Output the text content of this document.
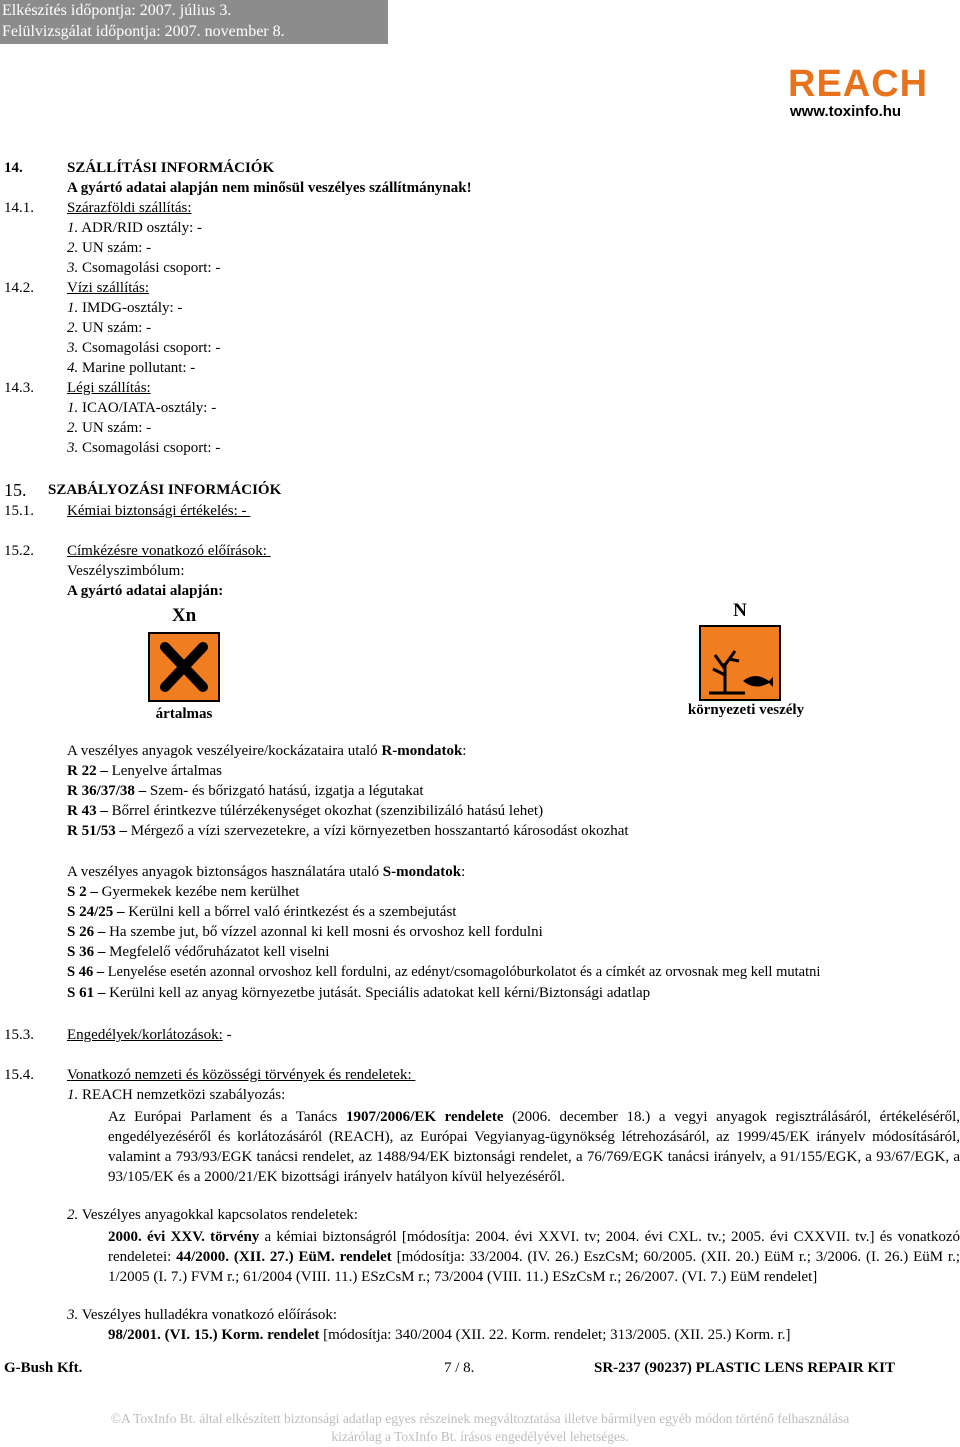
Elkészítés időpontja: 2007. július 3.
Felülvizsgálat időpontja: 2007. november 8.
REACH
www.toxinfo.hu
14.	SZÁLLÍTÁSI INFORMÁCIÓK
A gyártó adatai alapján nem minősül veszélyes szállítmánynak!
14.1. Szárazföldi szállítás:
1. ADR/RID osztály: -
2. UN szám: -
3. Csomagolási csoport: -
14.2. Vízi szállítás:
1. IMDG-osztály: -
2. UN szám: -
3. Csomagolási csoport: -
4. Marine pollutant: -
14.3. Légi szállítás:
1. ICAO/IATA-osztály: -
2. UN szám: -
3. Csomagolási csoport: -
15. SZABÁLYOZÁSI INFORMÁCIÓK
15.1. Kémiai biztonsági értékelés: -
15.2. Címkézésre vonatkozó előírások:
Veszélyszimbólum:
A gyártó adatai alapján:
Xn
ártalmas
N
környezeti veszély
A veszélyes anyagok veszélyeire/kockázataira utaló R-mondatok:
R 22 – Lenyelve ártalmas
R 36/37/38 – Szem- és bőrizgató hatású, izgatja a légutakat
R 43 – Bőrrel érintkezve túlérzékenységet okozhat (szenzibilizáló hatású lehet)
R 51/53 – Mérgező a vízi szervezetekre, a vízi környezetben hosszantartó károsodást okozhat
A veszélyes anyagok biztonságos használatára utaló S-mondatok:
S 2 – Gyermekek kezébe nem kerülhet
S 24/25 – Kerülni kell a bőrrel való érintkezést és a szembejutást
S 26 – Ha szembe jut, bő vízzel azonnal ki kell mosni és orvoshoz kell fordulni
S 36 – Megfelelő védőruházatot kell viselni
S 46 – Lenyelése esetén azonnal orvoshoz kell fordulni, az edényt/csomagolóburkolatot és a címkét az orvosnak meg kell mutatni
S 61 – Kerülni kell az anyag környezetbe jutását. Speciális adatokat kell kérni/Biztonsági adatlap
15.3. Engedélyek/korlátozások: -
15.4. Vonatkozó nemzeti és közösségi törvények és rendeletek:
1. REACH nemzetközi szabályozás:
Az Európai Parlament és a Tanács 1907/2006/EK rendelete (2006. december 18.) a vegyi anyagok regisztrálásáról, értékeléséről, engedélyezéséről és korlátozásáról (REACH), az Európai Vegyianyag-ügynökség létrehozásáról, az 1999/45/EK irányelv módosításáról, valamint a 793/93/EGK tanácsi rendelet, az 1488/94/EK biztonsági rendelet, a 76/769/EGK tanácsi irányelv, a 91/155/EGK, a 93/67/EGK, a 93/105/EK és a 2000/21/EK bizottsági irányelv hatályon kívül helyezéséről.
2. Veszélyes anyagokkal kapcsolatos rendeletek:
2000. évi XXV. törvény a kémiai biztonságról [módosítja: 2004. évi XXVI. tv; 2004. évi CXL. tv.; 2005. évi CXXVII. tv.] és vonatkozó rendeletei: 44/2000. (XII. 27.) EüM. rendelet [módosítja: 33/2004. (IV. 26.) EszCsM; 60/2005. (XII. 20.) EüM r.; 3/2006. (I. 26.) EüM r.; 1/2005 (I. 7.) FVM r.; 61/2004 (VIII. 11.) ESzCsM r.; 73/2004 (VIII. 11.) ESzCsM r.; 26/2007. (VI. 7.) EüM rendelet]
3. Veszélyes hulladékra vonatkozó előírások:
98/2001. (VI. 15.) Korm. rendelet [módosítja: 340/2004 (XII. 22. Korm. rendelet; 313/2005. (XII. 25.) Korm. r.]
G-Bush Kft.	7 / 8.	SR-237 (90237) PLASTIC LENS REPAIR KIT
©A ToxInfo Bt. által elkészített biztonsági adatlap egyes részeinek megváltoztatása illetve bármilyen egyéb módon történő felhasználása
kizárólag a ToxInfo Bt. írásos engedélyével lehetséges.
